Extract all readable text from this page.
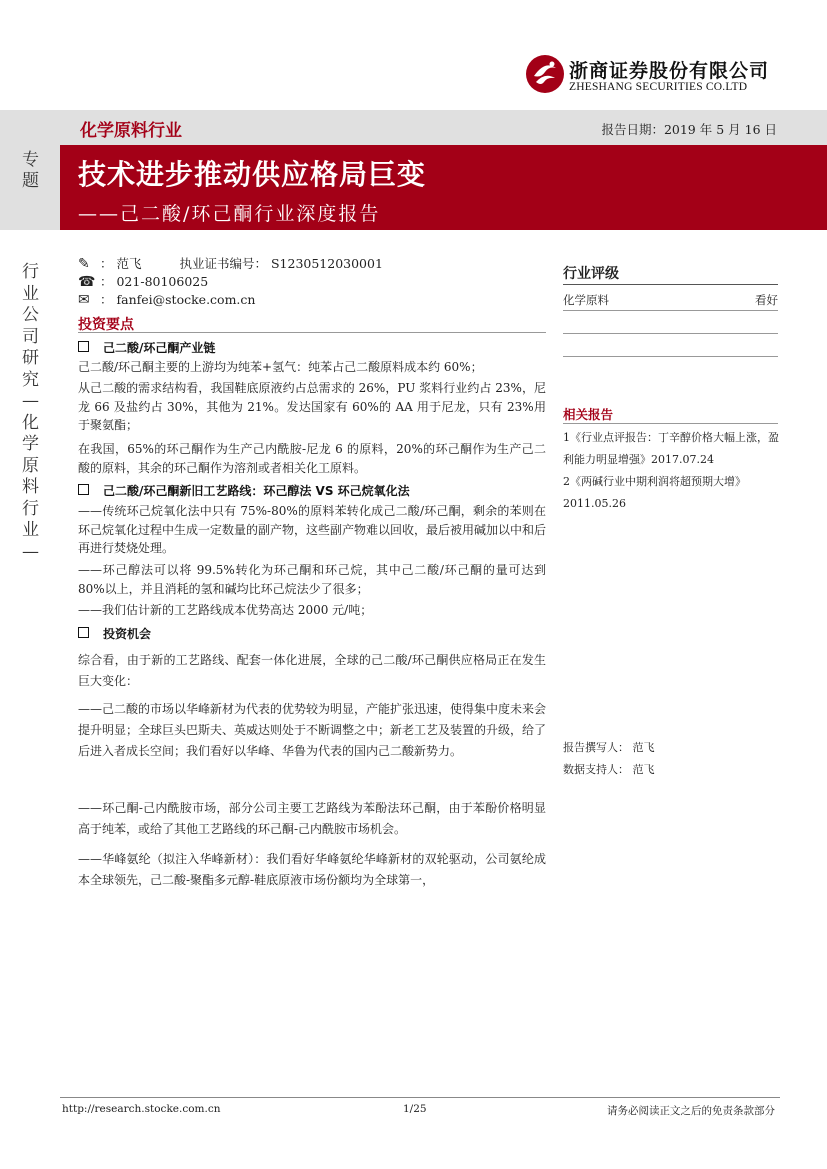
浙商证券股份有限公司
ZHESHANG SECURITIES CO.LTD
化学原料行业	报告日期：2019 年 5 月 16 日
专题 技术进步推动供应格局巨变
——己二酸/环己酮行业深度报告
行业公司研究—化学原料行业—
✎ ： 范飞	执业证书编号： S1230512030001
☎ ： 021-80106025
✉ ： fanfei@stocke.com.cn
投资要点
己二酸/环己酮产业链

己二酸/环己酮主要的上游均为纯苯+氢气：纯苯占己二酸原料成本约 60%；

从己二酸的需求结构看，我国鞋底原液约占总需求的 26%，PU 浆料行业约占 23%，尼龙 66 及盐约占 30%，其他为 21%。发达国家有 60%的 AA 用于尼龙，只有 23%用于聚氨酯；

在我国，65%的环己酮作为生产己内酰胺-尼龙 6 的原料，20%的环己酮作为生产己二酸的原料，其余的环己酮作为溶剂或者相关化工原料。

己二酸/环己酮新旧工艺路线：环己醇法 VS 环己烷氧化法

——传统环己烷氧化法中只有 75%-80%的原料苯转化成己二酸/环己酮，剩余的苯则在环己烷氧化过程中生成一定数量的副产物，这些副产物难以回收，最后被用碱加以中和后再进行焚烧处理。

——环己醇法可以将 99.5%转化为环己酮和环己烷，其中己二酸/环己酮的量可达到 80%以上，并且消耗的氢和碱均比环己烷法少了很多；

——我们估计新的工艺路线成本优势高达 2000 元/吨；

投资机会

综合看，由于新的工艺路线、配套一体化进展，全球的己二酸/环己酮供应格局正在发生巨大变化：

——己二酸的市场以华峰新材为代表的优势较为明显，产能扩张迅速，使得集中度未来会提升明显；全球巨头巴斯夫、英威达则处于不断调整之中；新老工艺及装置的升级，给了后进入者成长空间；我们看好以华峰、华鲁为代表的国内己二酸新势力。

——环己酮-己内酰胺市场，部分公司主要工艺路线为苯酚法环己酮，由于苯酚价格明显高于纯苯，或给了其他工艺路线的环己酮-己内酰胺市场机会。

——华峰氨纶（拟注入华峰新材）：我们看好华峰氨纶华峰新材的双轮驱动，公司氨纶成本全球领先，己二酸-聚酯多元醇-鞋底原液市场份额均为全球第一，

行业评级
化学原料	看好
相关报告
1《行业点评报告：丁辛醇价格大幅上涨，盈利能力明显增强》2017.07.24
2《两碱行业中期利润将超预期大增》2011.05.26
报告撰写人： 范飞
数据支持人： 范飞
http://research.stocke.com.cn	1/25	请务必阅读正文之后的免责条款部分
